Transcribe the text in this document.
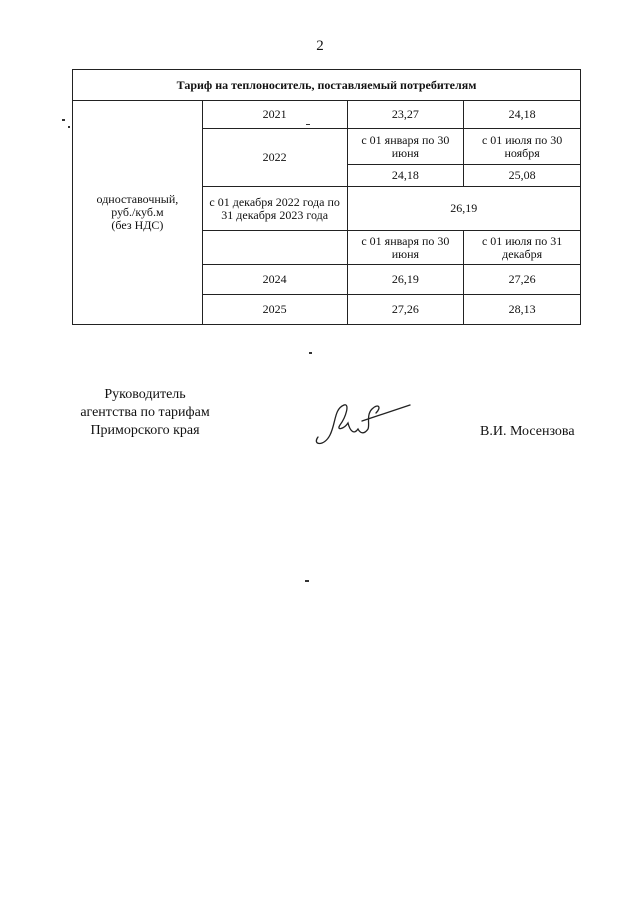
2
Тариф на теплоноситель, поставляемый потребителям			

одноставочный,
руб./куб.м
(без НДС)	2021	23,27	24,18
	2022	с 01 января по 30 июня	с 01 июля по 30 ноября
		24,18	25,08
	с 01 декабря 2022 года по 31 декабря 2023 года	26,19	
		с 01 января по 30 июня	с 01 июля по 31 декабря
	2024	26,19	27,26
	2025	27,26	28,13
Руководитель
агентства по тарифам
Приморского края	В.И. Мосензова
